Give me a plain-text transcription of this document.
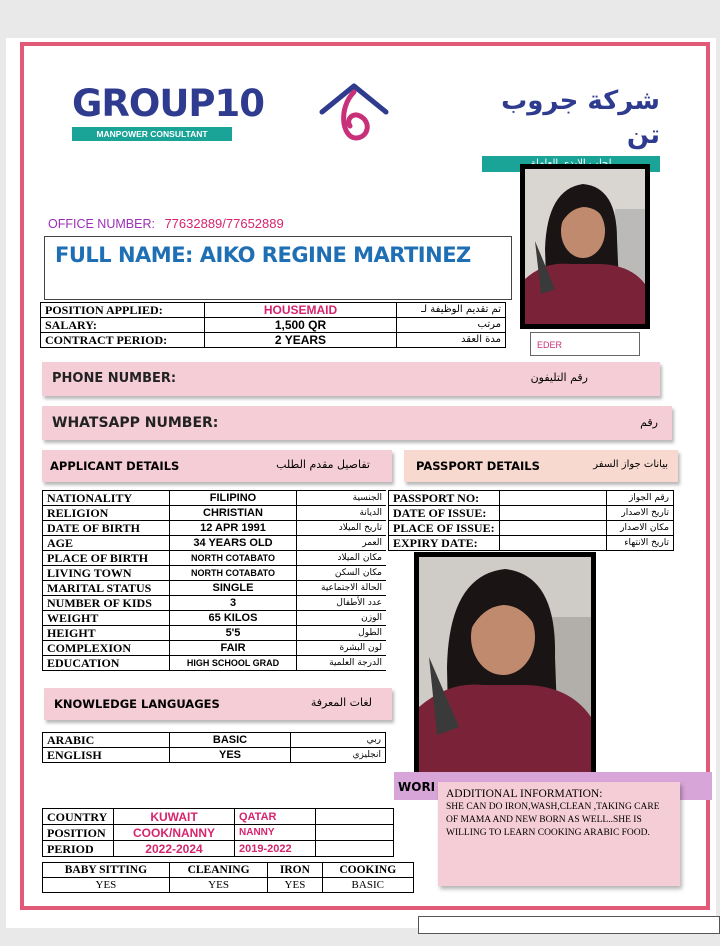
GROUP10
MANPOWER CONSULTANT
شركة جروب تن
OFFICE NUMBER: 77632889/77652889
FULL NAME: AIKO REGINE MARTINEZ
EDER
POSITION APPLIED:	HOUSEMAID	تم تقديم الوظيفة لـ
SALARY:	1,500 QR	مرتب
CONTRACT PERIOD:	2 YEARS	مدة العقد
PHONE NUMBER:	رقم التليفون
WHATSAPP NUMBER:	رقم
APPLICANT DETAILS	تفاصيل مقدم الطلب	PASSPORT DETAILS	بيانات جواز السفر
NATIONALITY	FILIPINO	الجنسية
RELIGION	CHRISTIAN	الديانة
DATE OF BIRTH	12 APR 1991	تاريخ الميلاد
AGE	34 YEARS OLD	العمر
PLACE OF BIRTH	NORTH COTABATO	مكان الميلاد
LIVING TOWN	NORTH COTABATO	مكان السكن
MARITAL STATUS	SINGLE	الحالة الاجتماعية
NUMBER OF KIDS	3	عدد الأطفال
WEIGHT	65 KILOS	الوزن
HEIGHT	5'5	الطول
COMPLEXION	FAIR	لون البشرة
EDUCATION	HIGH SCHOOL GRAD	الدرجة العلمية
PASSPORT NO:		رقم الجواز
DATE OF ISSUE:		تاريخ الاصدار
PLACE OF ISSUE:		مكان الاصدار
EXPIRY DATE:		تاريخ الانتهاء
KNOWLEDGE LANGUAGES	لغات المعرفة
ARABIC	BASIC	ربي
ENGLISH	YES	انجليزي
WORI ADDITIONAL INFORMATION:
SHE CAN DO IRON,WASH,CLEAN ,TAKING CARE OF MAMA AND NEW BORN AS WELL..SHE IS WILLING TO LEARN COOKING ARABIC FOOD.
COUNTRY	KUWAIT	QATAR	
POSITION	COOK/NANNY	NANNY	
PERIOD	2022-2024	2019-2022	
BABY SITTING	CLEANING	IRON	COOKING
YES	YES	YES	BASIC
